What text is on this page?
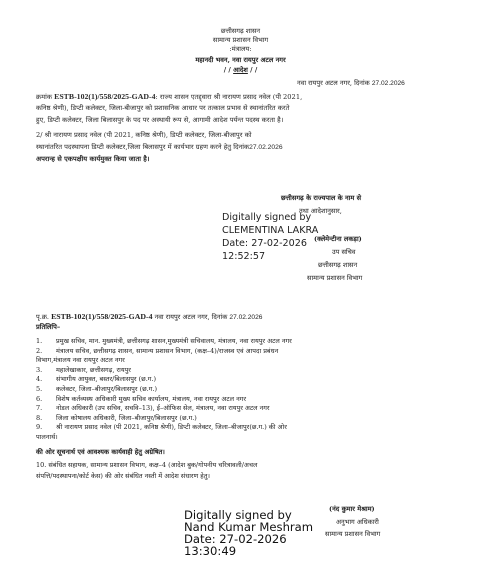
छत्तीसगढ़ शासन
सामान्य प्रशासन विभाग
:मंत्रालय:
महानदी भवन, नवा रायपुर अटल नगर
/ / आदेश / /
नवा रायपुर अटल नगर, दिनांक 27.02.2026
क्रमांक ESTB-102(1)/558/2025-GAD-4: राज्य शासन एतद्द्वारा श्री नारायण प्रसाद नवेल (पी 2021,
कनिष्ठ श्रेणी), डिप्टी कलेक्टर, जिला-बीजापुर को प्रशासनिक आधार पर तत्काल प्रभाव से स्थानांतरित करते
हुए, डिप्टी कलेक्टर, जिला बिलासपुर के पद पर अस्थायी रूप से, आगामी आदेश पर्यन्त पदस्थ करता है।
2/ श्री नारायण प्रसाद नवेल (पी 2021, कनिष्ठ श्रेणी), डिप्टी कलेक्टर, जिला-बीजापुर को
स्थानांतरित पदस्थापना डिप्टी कलेक्टर,जिला बिलासपुर में कार्यभार ग्रहण करने हेतु दिनांक27.02.2026
अपरान्ह से एकपक्षीय कार्यमुक्त किया जाता है।
छत्तीसगढ़ के राज्यपाल के नाम से
तथा आदेशानुसार,
Digitally signed by
CLEMENTINA LAKRA
Date: 27-02-2026
12:52:57
(क्लेमेन्टीना लकड़ा)
उप सचिव
छत्तीसगढ़ शासन
सामान्य प्रशासन विभाग
पृ.क्र. ESTB-102(1)/558/2025-GAD-4 नवा रायपुर अटल नगर, दिनांक 27.02.2026
प्रतिलिपि–
1. प्रमुख सचिव, मान. मुख्यमंत्री, छत्तीसगढ़ शासन,मुख्यमंत्री सचिवालय, मंत्रालय, नवा रायपुर अटल नगर
2. मंत्रालय सचिव, छत्तीसगढ़ शासन, सामान्य प्रशासन विभाग, (कक्ष–4)/राजस्व एवं आपदा प्रबंधन
विभाग,मंत्रालय नवा रायपुर अटल नगर
3. महालेखाकार, छत्तीसगढ़, रायपुर
4. संभागीय आयुक्त, बस्तर/बिलासपुर (छ.ग.)
5. कलेक्टर, जिला–बीजापुर/बिलासपुर (छ.ग.)
6. विशेष कर्तव्यस्थ अधिकारी मुख्य सचिव कार्यालय, मंत्रालय, नवा रायपुर अटल नगर
7. नोडल अधिकारी (उप सचिव, सचवि–13), ई–ऑफिस सेल, मंत्रालय, नवा रायपुर अटल नगर
8. जिला कोषालय अधिकारी, जिला–बीजापुर/बिलासपुर (छ.ग.)
9. श्री नारायण प्रसाद नवेल (पी 2021, कनिष्ठ श्रेणी), डिप्टी कलेक्टर, जिला–बीजापुर(छ.ग.) की ओर
पालनार्थ।
की ओर सूचनार्थ एवं आवश्यक कार्यवाही हेतु अग्रेषित।
10. संबंधित सहायक, सामान्य प्रशासन विभाग, कक्ष–4 (आदेश बुक/गोपनीय चरित्रावली/अचल
संपत्ति/पदस्थापना/कोर्ट केस) की ओर संबंधित नस्ती में आदेश संधारण हेतु।
Digitally signed by
Nand Kumar Meshram
Date: 27-02-2026
13:30:49
(नंद कुमार मेश्राम)
अनुभाग अधिकारी
सामान्य प्रशासन विभाग
